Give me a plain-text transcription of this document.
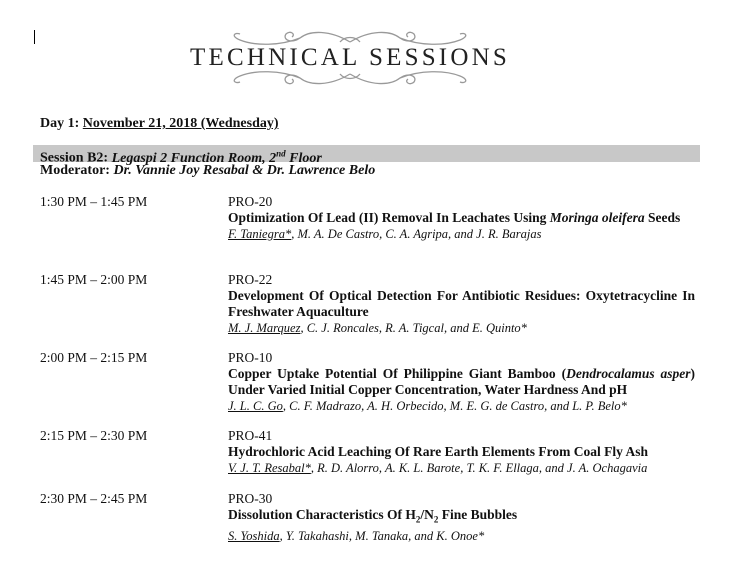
TECHNICAL SESSIONS
Day 1: November 21, 2018 (Wednesday)
Session B2: Legaspi 2 Function Room, 2nd Floor
Moderator: Dr. Vannie Joy Resabal & Dr. Lawrence Belo
1:30 PM – 1:45 PM	PRO-20
Optimization Of Lead (II) Removal In Leachates Using Moringa oleifera Seeds
F. Taniegra*, M. A. De Castro, C. A. Agripa, and J. R. Barajas
1:45 PM – 2:00 PM	PRO-22
Development Of Optical Detection For Antibiotic Residues: Oxytetracycline In Freshwater Aquaculture
M. J. Marquez, C. J. Roncales, R. A. Tigcal, and E. Quinto*
2:00 PM – 2:15 PM	PRO-10
Copper Uptake Potential Of Philippine Giant Bamboo (Dendrocalamus asper) Under Varied Initial Copper Concentration, Water Hardness And pH
J. L. C. Go, C. F. Madrazo, A. H. Orbecido, M. E. G. de Castro, and L. P. Belo*
2:15 PM – 2:30 PM	PRO-41
Hydrochloric Acid Leaching Of Rare Earth Elements From Coal Fly Ash
V. J. T. Resabal*, R. D. Alorro, A. K. L. Barote, T. K. F. Ellaga, and J. A. Ochagavia
2:30 PM – 2:45 PM	PRO-30
Dissolution Characteristics Of $H_2/N_2$ Fine Bubbles
S. Yoshida, Y. Takahashi, M. Tanaka, and K. Onoe*
